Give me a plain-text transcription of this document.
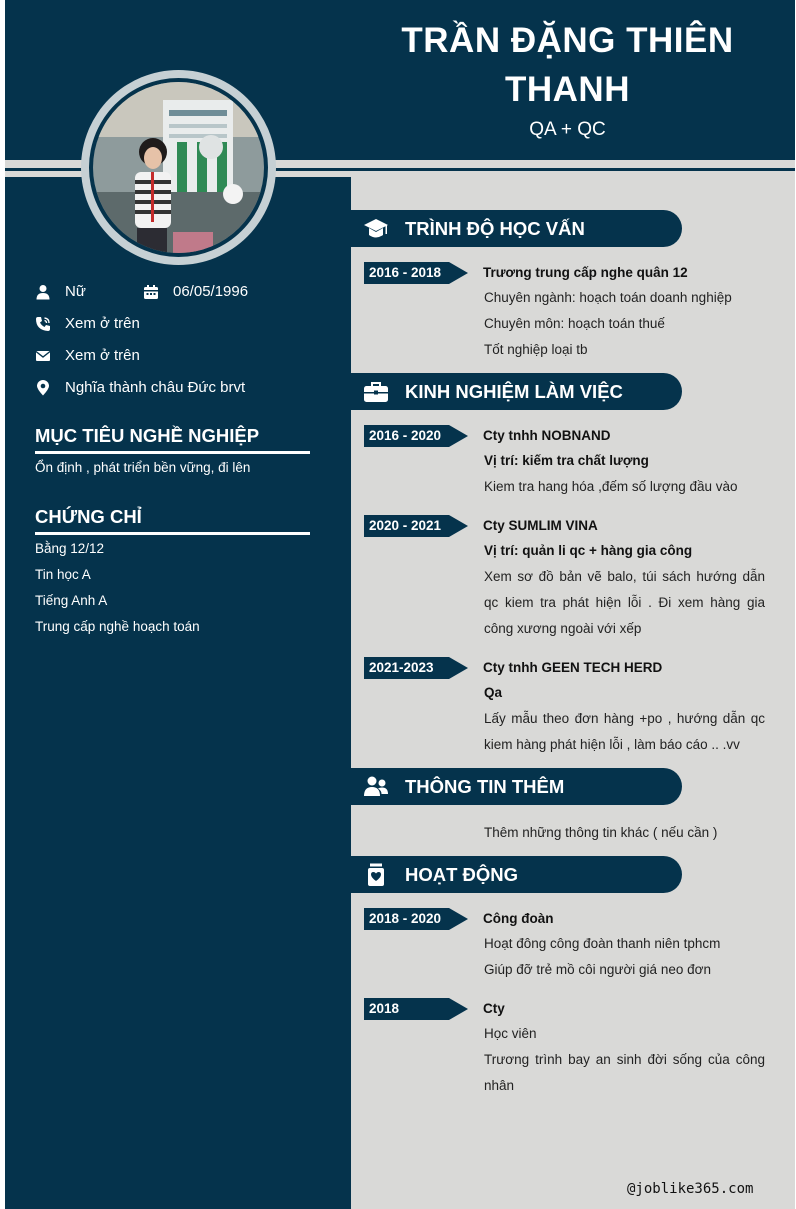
TRẦN ĐẶNG THIÊN THANH
QA + QC
Nữ	06/05/1996
Xem ở trên
Xem ở trên
Nghĩa thành châu Đức brvt
MỤC TIÊU NGHỀ NGHIỆP
Ổn định , phát triển bền vững, đi lên
CHỨNG CHỈ
Bằng 12/12
Tin học A
Tiếng Anh A
Trung cấp nghề hoạch toán
TRÌNH ĐỘ HỌC VẤN
2016 - 2018	Trương trung cấp nghe quân 12
Chuyên ngành: hoạch toán doanh nghiệp
Chuyên môn: hoạch toán thuế
Tốt nghiệp loại tb
KINH NGHIỆM LÀM VIỆC
2016 - 2020	Cty tnhh NOBNAND
Vị trí: kiếm tra chất lượng
Kiem tra hang hóa ,đếm số lượng đầu vào
2020 - 2021	Cty SUMLIM VINA
Vị trí: quản li qc + hàng gia công
Xem sơ đồ bản vẽ balo, túi sách hướng dẫn qc kiem tra phát hiện lỗi . Đi xem hàng gia công xương ngoài với xếp
2021-2023	Cty tnhh GEEN TECH HERD
Qa
Lấy mẫu theo đơn hàng +po , hướng dẫn qc kiem hàng phát hiện lỗi , làm báo cáo .. .vv
THÔNG TIN THÊM
Thêm những thông tin khác ( nếu cần )
HOẠT ĐỘNG
2018 - 2020	Công đoàn
Hoạt đông công đoàn thanh niên tphcm
Giúp đỡ trẻ mồ côi người giá neo đơn
2018	Cty
Học viên
Trương trình bay an sinh đời sống của công nhân
@joblike365.com
